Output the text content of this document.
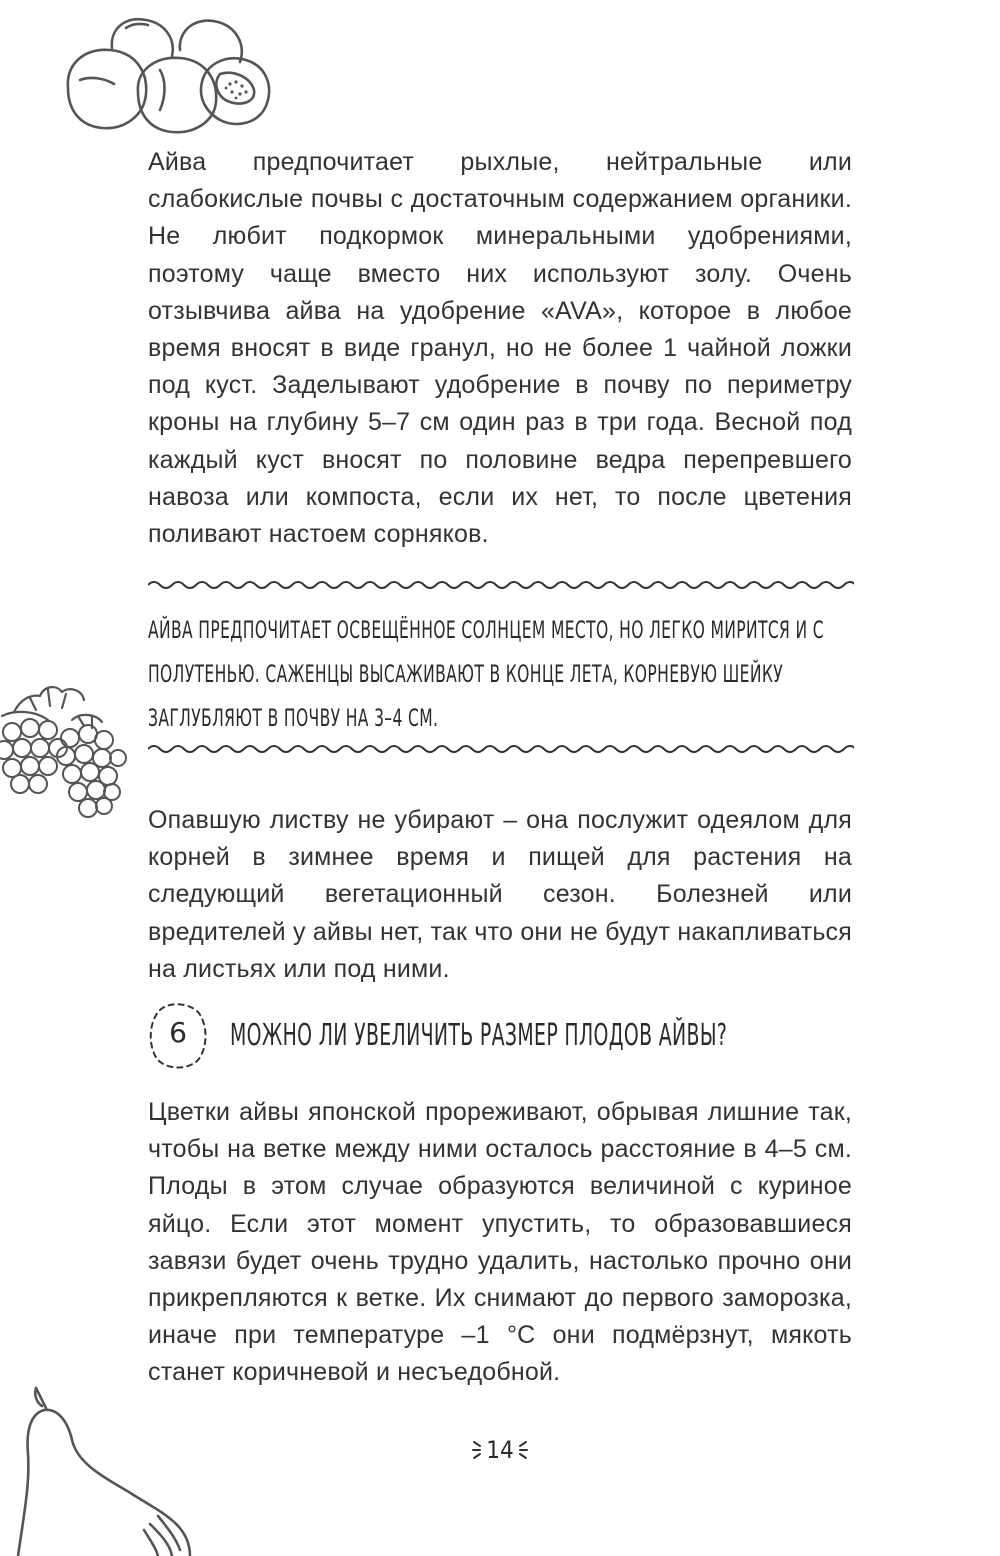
Айва предпочитает рыхлые, нейтральные или слабокислые почвы с достаточным содержанием органики. Не любит подкормок минеральными удобрениями, поэтому чаще вместо них используют золу. Очень отзывчива айва на удобрение «AVA», которое в любое время вносят в виде гранул, но не более 1 чайной ложки под куст. Заделывают удобрение в почву по периметру кроны на глубину 5–7 см один раз в три года. Весной под каждый куст вносят по половине ведра перепревшего навоза или компоста, если их нет, то после цветения поливают настоем сорняков.

АЙВА ПРЕДПОЧИТАЕТ ОСВЕЩЁННОЕ СОЛНЦЕМ МЕСТО, НО ЛЕГКО МИРИТСЯ И С ПОЛУТЕНЬЮ. САЖЕНЦЫ ВЫСАЖИВАЮТ В КОНЦЕ ЛЕТА, КОРНЕВУЮ ШЕЙКУ ЗАГЛУБЛЯЮТ В ПОЧВУ НА 3–4 СМ.

Опавшую листву не убирают – она послужит одеялом для корней в зимнее время и пищей для растения на следующий вегетационный сезон. Болезней или вредителей у айвы нет, так что они не будут накапливаться на листьях или под ними.

6 МОЖНО ЛИ УВЕЛИЧИТЬ РАЗМЕР ПЛОДОВ АЙВЫ?

Цветки айвы японской прореживают, обрывая лишние так, чтобы на ветке между ними осталось расстояние в 4–5 см. Плоды в этом случае образуются величиной с куриное яйцо. Если этот момент упустить, то образовавшиеся завязи будет очень трудно удалить, настолько прочно они прикрепляются к ветке. Их снимают до первого заморозка, иначе при температуре –1 °С они подмёрзнут, мякоть станет коричневой и несъедобной.

14
